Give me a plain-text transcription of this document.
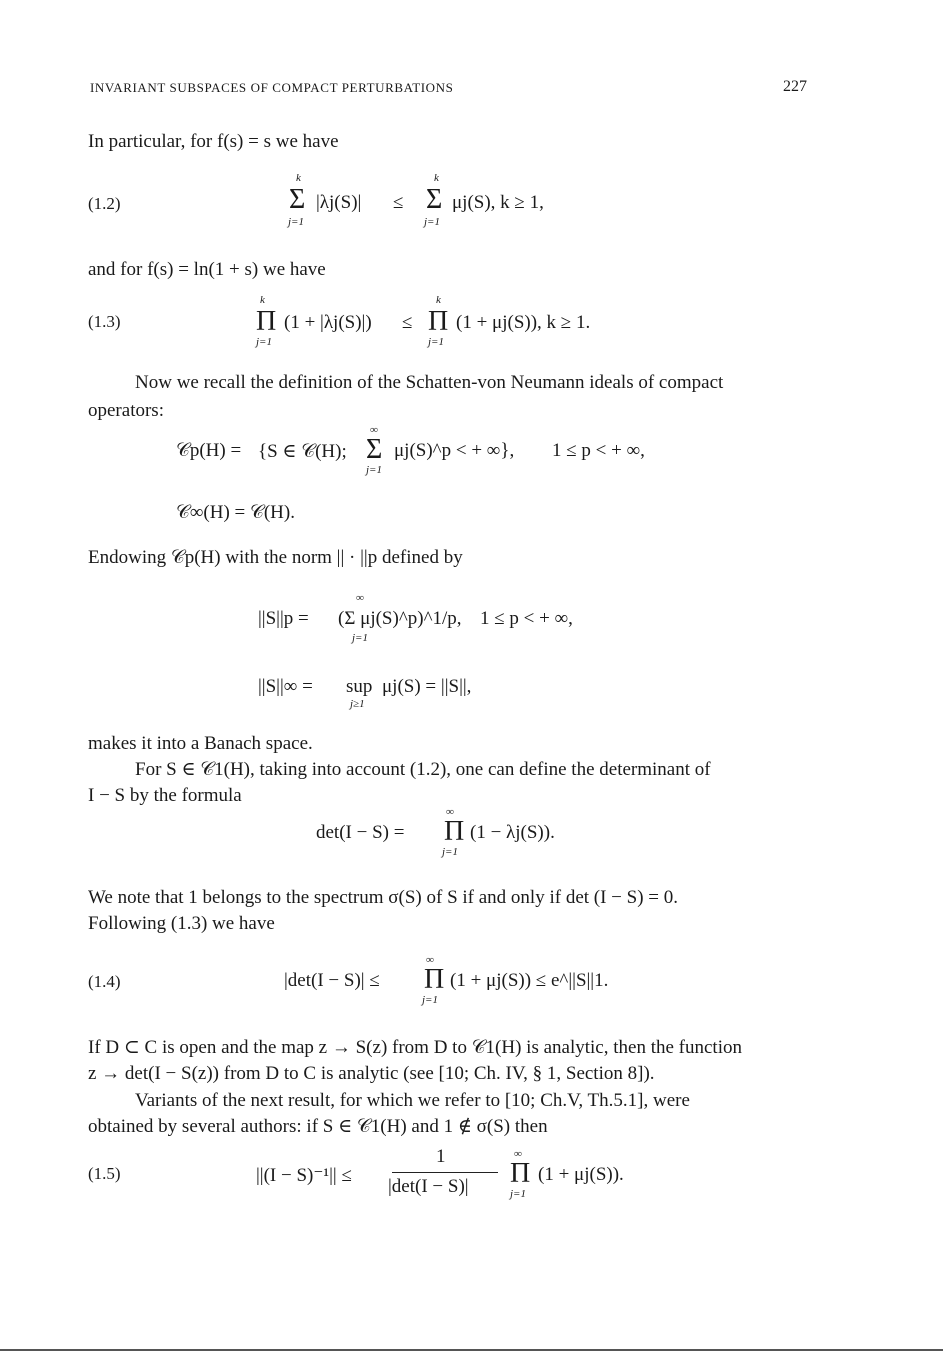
INVARIANT SUBSPACES OF COMPACT PERTURBATIONS	227
In particular, for f(s) = s we have
(1.2)
k
Σ
j=1
|λj(S)| ≤
k
Σ
j=1
μj(S), k ≥ 1,
and for f(s) = ln(1 + s) we have
(1.3)
k
Π
j=1
(1 + |λj(S)|) ≤
k
Π
j=1
(1 + μj(S)), k ≥ 1.
Now we recall the definition of the Schatten-von Neumann ideals of compact
operators:
𝒞p(H) = {S ∈ 𝒞(H);
∞
Σ
j=1
μj(S)^p < + ∞}, 1 ≤ p < + ∞,
𝒞∞(H) = 𝒞(H).
Endowing 𝒞p(H) with the norm || · ||p defined by
||S||p =
∞
j=1
(Σ μj(S)^p)^1/p, 1 ≤ p < + ∞,
||S||∞ = sup
j≥1
μj(S) = ||S||,
makes it into a Banach space.
For S ∈ 𝒞1(H), taking into account (1.2), one can define the determinant of
I − S by the formula
det(I − S) =
∞
Π
j=1
(1 − λj(S)).
We note that 1 belongs to the spectrum σ(S) of S if and only if det (I − S) = 0.
Following (1.3) we have
(1.4)	|det(I − S)| ≤
∞
Π
j=1
(1 + μj(S)) ≤ e^||S||1.
If D ⊂ C is open and the map z → S(z) from D to 𝒞1(H) is analytic, then the function
z → det(I − S(z)) from D to C is analytic (see [10; Ch. IV, § 1, Section 8]).
Variants of the next result, for which we refer to [10; Ch.V, Th.5.1], were
obtained by several authors: if S ∈ 𝒞1(H) and 1 ∉ σ(S) then
(1.5)	||(I − S)⁻¹|| ≤
1
|det(I − S)|
∞
Π
j=1
(1 + μj(S)).
